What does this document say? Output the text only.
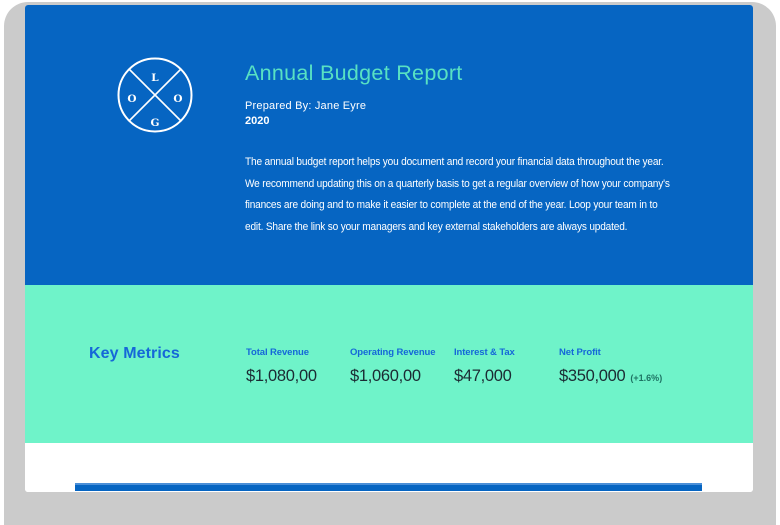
L
O	O
G
Annual Budget Report
Prepared By: Jane Eyre
2020
The annual budget report helps you document and record your financial data throughout the year.
We recommend updating this on a quarterly basis to get a regular overview of how your company's
finances are doing and to make it easier to complete at the end of the year. Loop your team in to
edit. Share the link so your managers and key external stakeholders are always updated.
Key Metrics	Total Revenue
$1,080,00
Operating Revenue
$1,060,00
Interest & Tax
$47,000
Net Profit
$350,000 (+1.6%)
